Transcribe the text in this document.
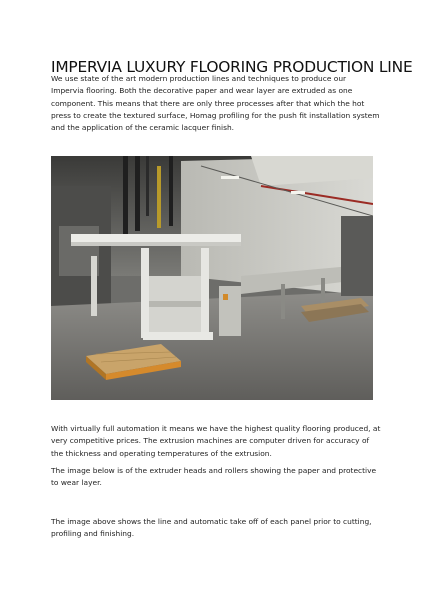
IMPERVIA LUXURY FLOORING PRODUCTION LINE

We use state of the art modern production lines and techniques to produce our Impervia flooring. Both the decorative paper and wear layer are extruded as one component. This means that there are only three processes after that which the hot press to create the textured surface, Homag profiling for the push fit installation system and the application of the ceramic lacquer finish.

With virtually full automation it means we have the highest quality flooring produced, at very competitive prices. The extrusion machines are computer driven for accuracy of the thickness and operating temperatures of the extrusion.

The image below is of the extruder heads and rollers showing the paper and protective to wear layer.

The image above shows the line and automatic take off of each panel prior to cutting, profiling and finishing.
